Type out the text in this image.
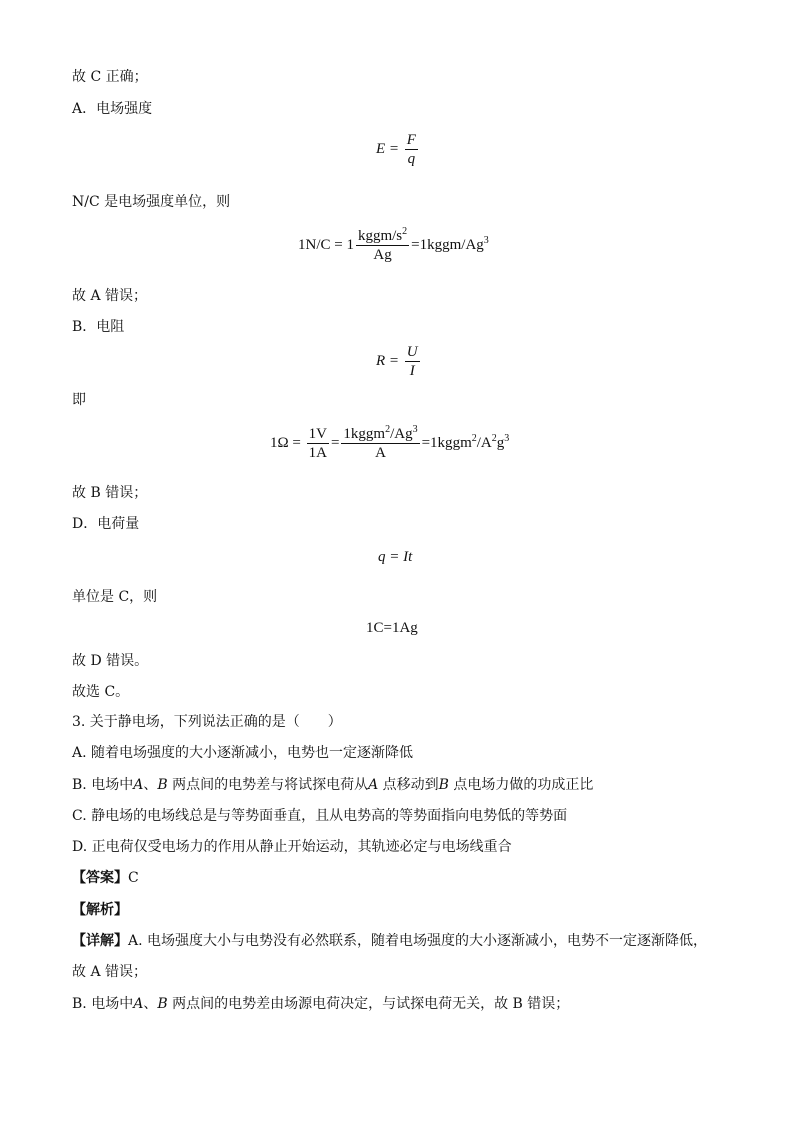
故 C 正确；
A．电场强度
$E = \frac{F}{q}$
N/C 是电场强度单位，则
$1N/C = 1 \frac{kggm/s^2}{Ag}$ $=1kggm/Ag^3$
故 A 错误；
B．电阻
$R = \frac{U}{I}$
即
$1\Omega = \frac{1V}{1A} = \frac{1kggm^2/Ag^3}{A}$ $=1kggm^2/A^2g^3$
故 B 错误；
D．电荷量
q = It
单位是 C，则
1C=1Ag
故 D 错误。
故选 C。
3. 关于静电场，下列说法正确的是（　　）
A. 随着电场强度的大小逐渐减小，电势也一定逐渐降低
B. 电场中A、B 两点间的电势差与将试探电荷从A 点移动到B 点电场力做的功成正比
C. 静电场的电场线总是与等势面垂直，且从电势高的等势面指向电势低的等势面
D. 正电荷仅受电场力的作用从静止开始运动，其轨迹必定与电场线重合
【答案】C
【解析】
【详解】A. 电场强度大小与电势没有必然联系，随着电场强度的大小逐渐减小，电势不一定逐渐降低，
故 A 错误；
B. 电场中A、B 两点间的电势差由场源电荷决定，与试探电荷无关，故 B 错误；
